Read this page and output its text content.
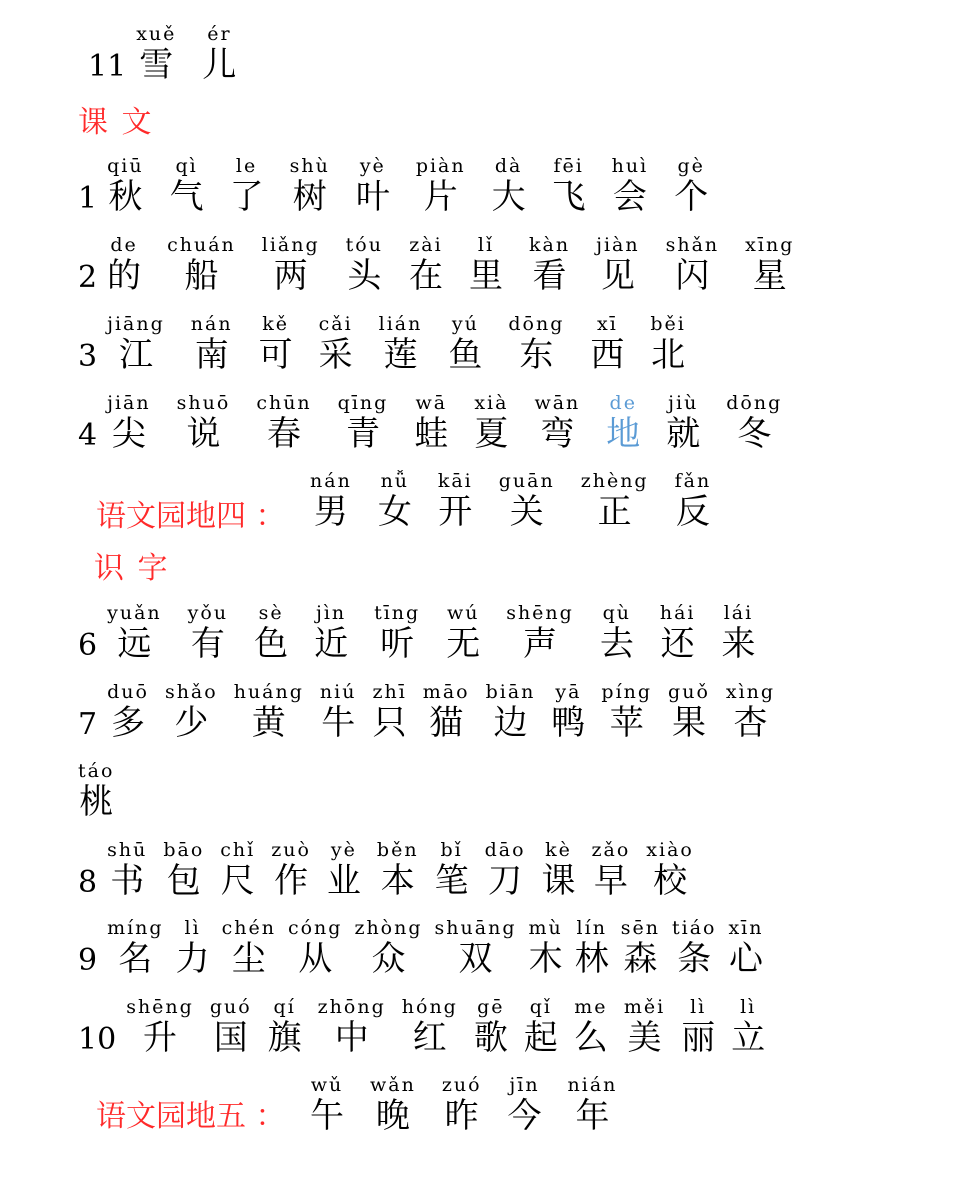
11
xuě
雪
ér
儿
课 文
1
qiū
秋
qì
气
le
了
shù
树
yè
叶
piàn
片
dà
大
fēi
飞
huì
会
gè
个
2
de
的
chuán
船
liǎng
两
tóu
头
zài
在
lǐ
里
kàn
看
jiàn
见
shǎn
闪
xīng
星
3
jiāng
江
nán
南
kě
可
cǎi
采
lián
莲
yú
鱼
dōng
东
xī
西
běi
北
4
jiān
尖
shuō
说
chūn
春
qīng
青
wā
蛙
xià
夏
wān
弯
de
地
jiù
就
dōng
冬
语文园地四 ：
nán
男
nǚ
女
kāi
开
guān
关
zhèng
正
fǎn
反
识 字
6
yuǎn
远
yǒu
有
sè
色
jìn
近
tīng
听
wú
无
shēng
声
qù
去
hái
还
lái
来
7
duō
多
shǎo
少
huáng
黄
niú
牛
zhī
只
māo
猫
biān
边
yā
鸭
píng
苹
guǒ
果
xìng
杏
táo
桃
8
shū
书
bāo
包
chǐ
尺
zuò
作
yè
业
běn
本
bǐ
笔
dāo
刀
kè
课
zǎo
早
xiào
校
9
míng
名
lì
力
chén
尘
cóng
从
zhòng
众
shuāng
双
mù
木
lín
林
sēn
森
tiáo
条
xīn
心
10
shēng
升
guó
国
qí
旗
zhōng
中
hóng
红
gē
歌
qǐ
起
me
么
měi
美
lì
丽
lì
立
语文园地五 ：
wǔ
午
wǎn
晚
zuó
昨
jīn
今
nián
年
